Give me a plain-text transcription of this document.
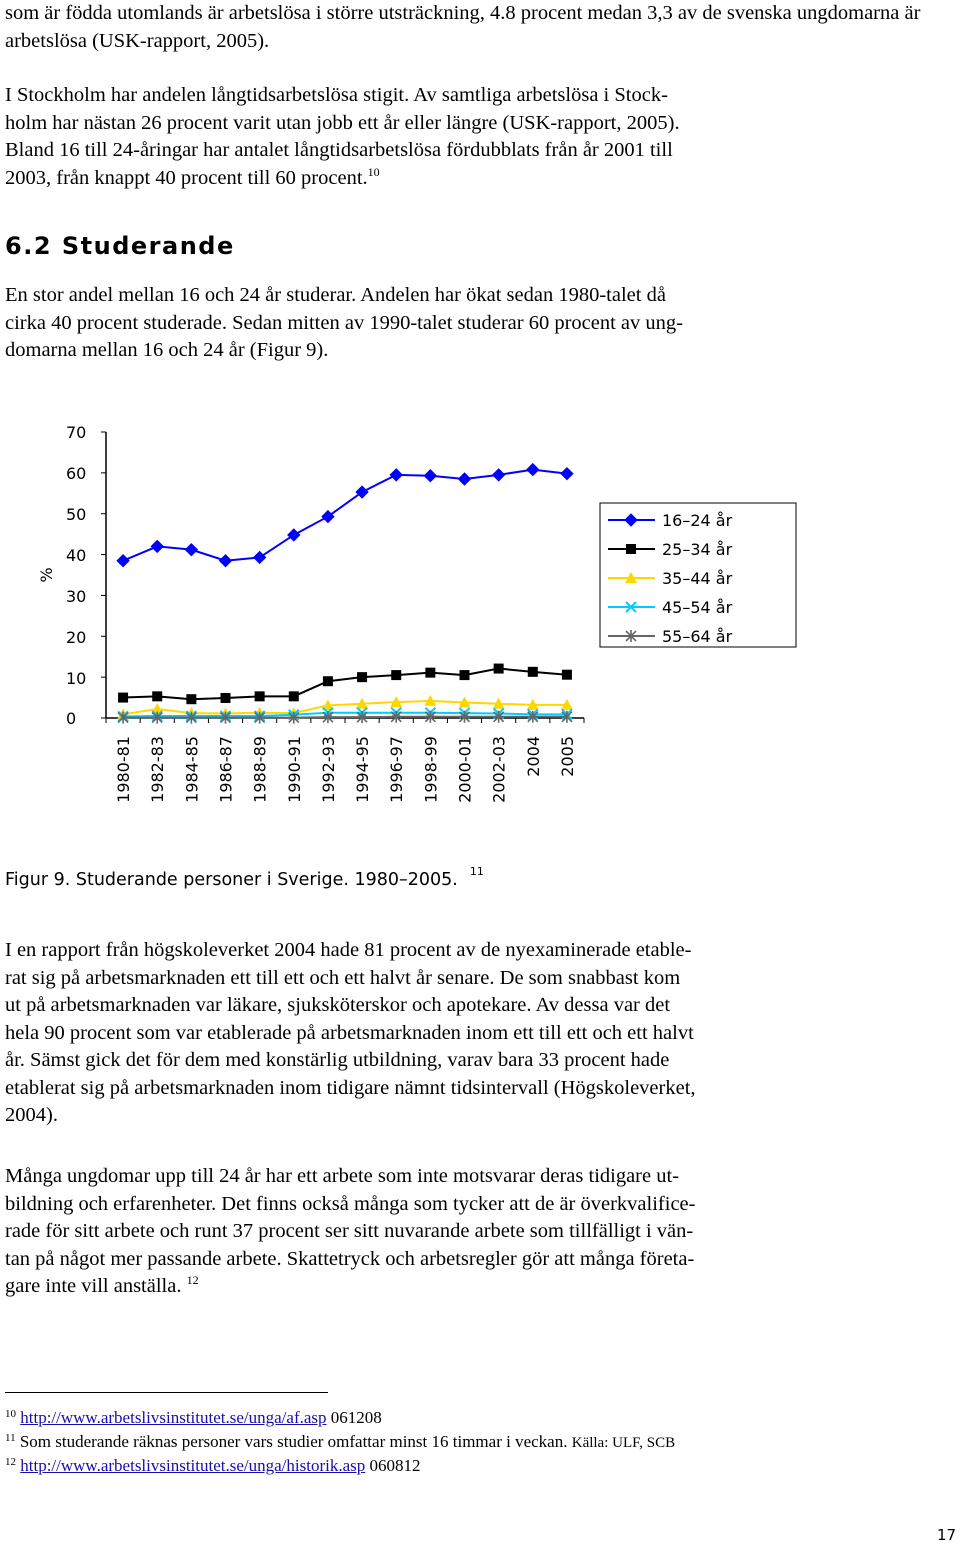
som är födda utomlands är arbetslösa i större utsträckning, 4.8 procent medan 3,3 av de svenska ungdomarna är arbetslösa (USK-rapport, 2005).

I Stockholm har andelen långtidsarbetslösa stigit. Av samtliga arbetslösa i Stock-
holm har nästan 26 procent varit utan jobb ett år eller längre (USK-rapport, 2005).
Bland 16 till 24-åringar har antalet långtidsarbetslösa fördubblats från år 2001 till
2003, från knappt 40 procent till 60 procent.$^{10}$
6.2 Studerande
En stor andel mellan 16 och 24 år studerar. Andelen har ökat sedan 1980-talet då
cirka 40 procent studerade. Sedan mitten av 1990-talet studerar 60 procent av ung-
domarna mellan 16 och 24 år (Figur 9).
0
10
20
30
40
50
60
70
%
1980-81 1982-83 1984-85 1986-87 1988-89 1990-91 1992-93 1994-95 1996-97 1998-99 2000-01 2002-03 2004 2005
16–24 år
25–34 år
35–44 år
45–54 år
55–64 år

Figur 9. Studerande personer i Sverige. 1980–2005. $^{11}$

I en rapport från högskoleverket 2004 hade 81 procent av de nyexaminerade etable-
rat sig på arbetsmarknaden ett till ett och ett halvt år senare. De som snabbast kom
ut på arbetsmarknaden var läkare, sjuksköterskor och apotekare. Av dessa var det
hela 90 procent som var etablerade på arbetsmarknaden inom ett till ett och ett halvt
år. Sämst gick det för dem med konstärlig utbildning, varav bara 33 procent hade
etablerat sig på arbetsmarknaden inom tidigare nämnt tidsintervall (Högskoleverket,
2004).
Många ungdomar upp till 24 år har ett arbete som inte motsvarar deras tidigare ut-
bildning och erfarenheter. Det finns också många som tycker att de är överkvalifice-
rade för sitt arbete och runt 37 procent ser sitt nuvarande arbete som tillfälligt i vän-
tan på något mer passande arbete. Skattetryck och arbetsregler gör att många företa-
gare inte vill anställa. $^{12}$

$^{10}$ http://www.arbetslivsinstitutet.se/unga/af.asp 061208

$^{11}$ Som studerande räknas personer vars studier omfattar minst 16 timmar i veckan. Källa: ULF, SCB

$^{12}$ http://www.arbetslivsinstitutet.se/unga/historik.asp 060812

17
